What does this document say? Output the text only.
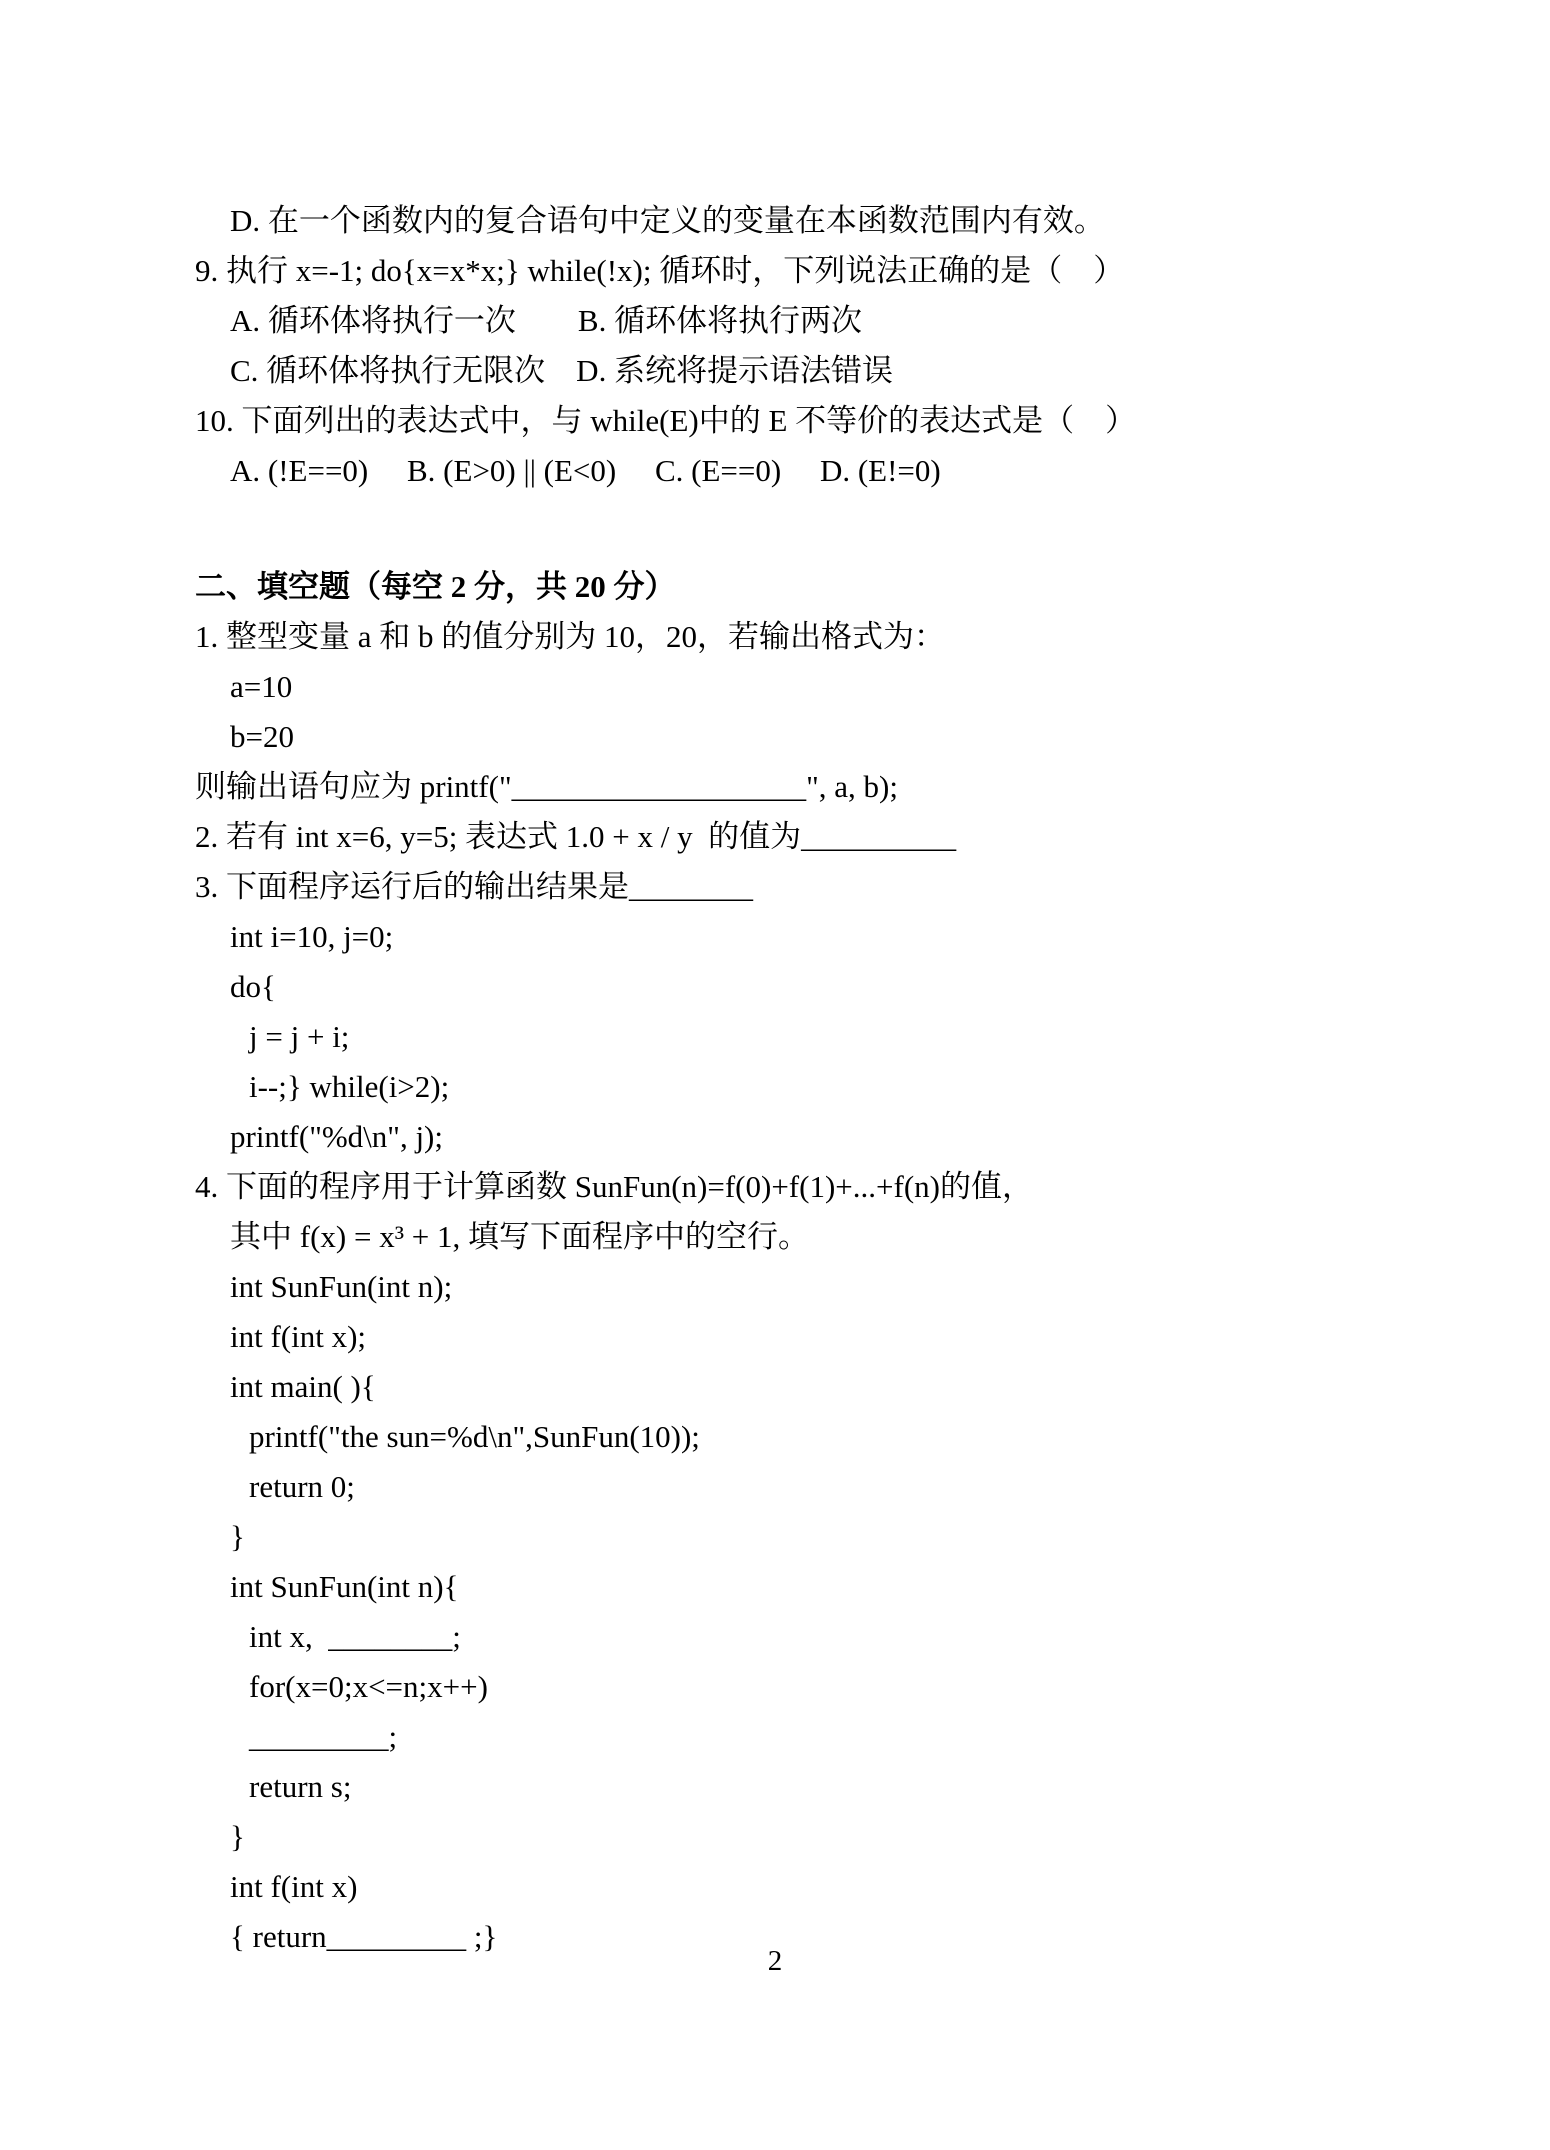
D. 在一个函数内的复合语句中定义的变量在本函数范围内有效。
9. 执行 x=-1; do{x=x*x;} while(!x); 循环时，下列说法正确的是（　）
A. 循环体将执行一次　　B. 循环体将执行两次
C. 循环体将执行无限次　D. 系统将提示语法错误
10. 下面列出的表达式中，与 while(E)中的 E 不等价的表达式是（　）
A. (!E==0)     B. (E>0) || (E<0)     C. (E==0)     D. (E!=0)
二、填空题（每空 2 分，共 20 分）
1. 整型变量 a 和 b 的值分别为 10，20，若输出格式为：
a=10
b=20
则输出语句应为 printf("___________________", a, b);
2. 若有 int x=6, y=5; 表达式 1.0 + x / y  的值为__________
3. 下面程序运行后的输出结果是________
int i=10, j=0;
do{
j = j + i;
i--;} while(i>2);
printf("%d\n", j);
4. 下面的程序用于计算函数 SunFun(n)=f(0)+f(1)+...+f(n)的值，
其中 f(x) = x³ + 1, 填写下面程序中的空行。
int SunFun(int n);
int f(int x);
int main( ){
printf("the sun=%d\n",SunFun(10));
return 0;
}
int SunFun(int n){
int x,  ________;
for(x=0;x<=n;x++)
_________;
return s;
}
int f(int x)
{ return_________ ;}
2
